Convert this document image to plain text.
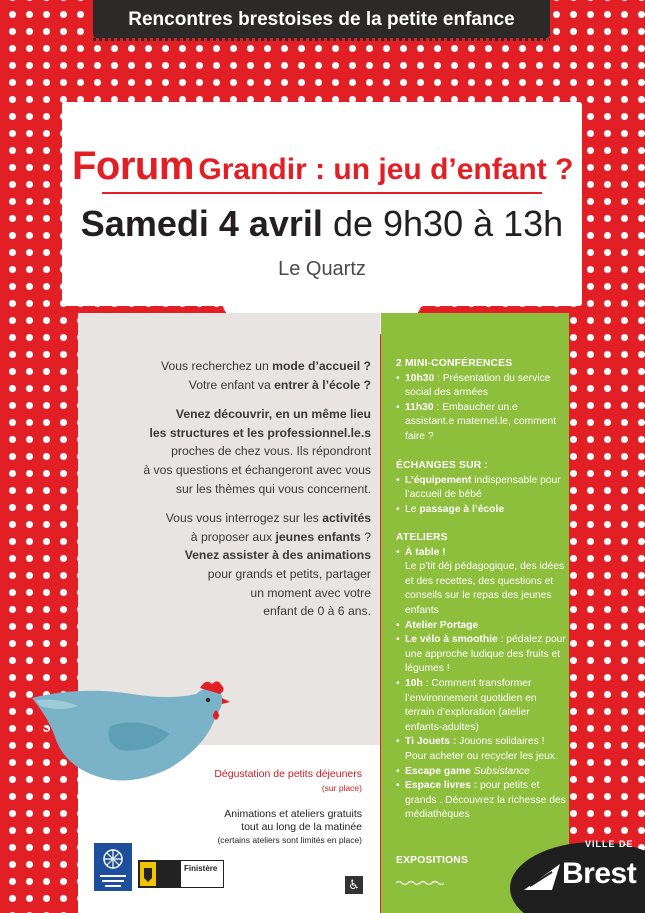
Rencontres brestoises de la petite enfance
Forum Grandir : un jeu d’enfant ?
Samedi 4 avril de 9h30 à 13h
Le Quartz

Vous recherchez un mode d’accueil ?
Votre enfant va entrer à l’école ?

Venez découvrir, en un même lieu
les structures et les professionnel.le.s
proches de chez vous. Ils répondront
à vos questions et échangeront avec vous
sur les thèmes qui vous concernent.

Vous vous interrogez sur les activités
à proposer aux jeunes enfants ?
Venez assister à des animations
pour grands et petits, partager
un moment avec votre
enfant de 0 à 6 ans.

Dégustation de petits déjeuners
(sur place)
Animations et ateliers gratuits
tout au long de la matinée
(certains ateliers sont limités en place)
Finistère
♿
2 MINI-CONFÉRENCES
• 10h30 : Présentation du service social des armées
• 11h30 : Embaucher un.e assistant.e maternel.le, comment faire ?
ÉCHANGES SUR :
• L’équipement indispensable pour l’accueil de bébé
• Le passage à l’école
ATELIERS
• À table !
Le p’tit déj pédagogique, des idées et des recettes, des questions et conseils sur le repas des jeunes enfants
• Atelier Portage
• Le vélo à smoothie : pédalez pour une approche ludique des fruits et légumes !
• 10h : Comment transformer l’environnement quotidien en terrain d’exploration (atelier enfants-adultes)
• Ti Jouets : Jouons solidaires ! Pour acheter ou recycler les jeux.
• Escape game Subsistance
• Espace livres : pour petits et grands . Découvrez la richesse des médiathèques
EXPOSITIONS
VILLE DE
Brest
